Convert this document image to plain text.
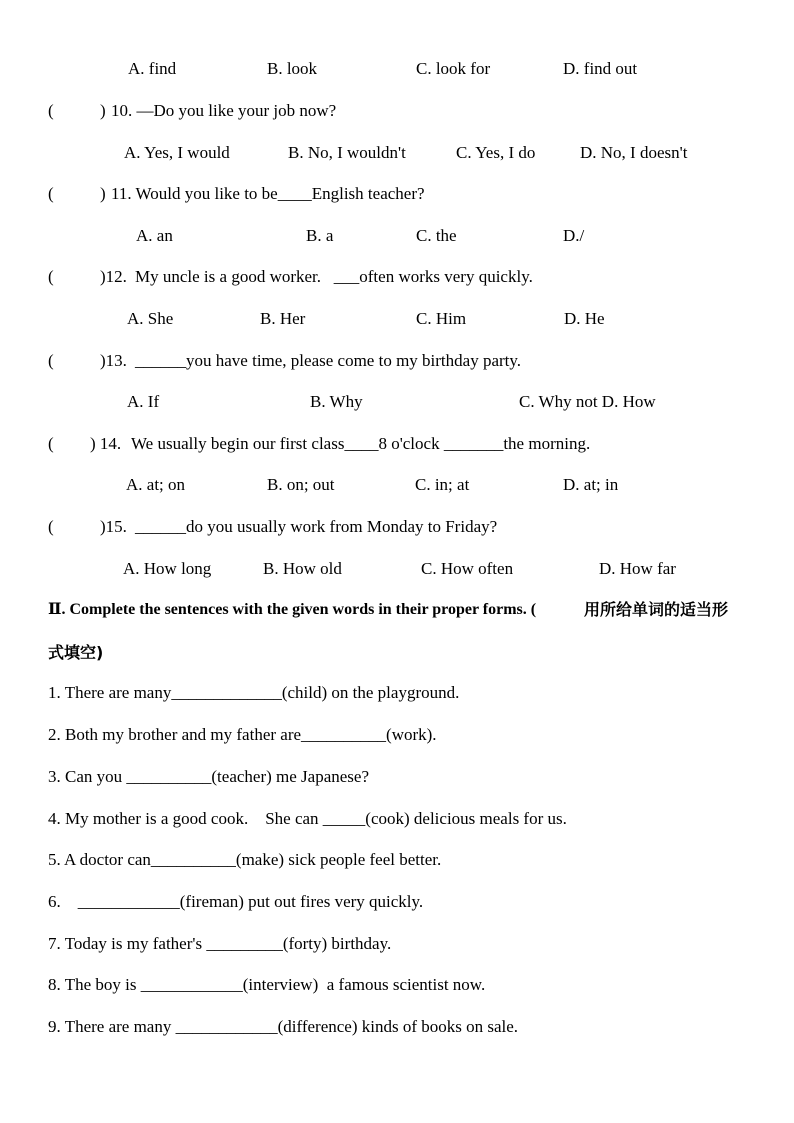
A. find	B. look	C. look for	D. find out
(	) 10. —Do you like your job now?
A. Yes, I would	B. No, I wouldn't	C. Yes, I do	D. No, I doesn't
(	) 11. Would you like to be____English teacher?
A. an	B. a	C. the	D./
(	)12. My uncle is a good worker.   ___often works very quickly.
A. She	B. Her	C. Him	D. He
(	)13. ______you have time, please come to my birthday party.
A. If	B. Why	C. Why not D. How
( ) 14. We usually begin our first class____8 o'clock _______the morning.
A. at; on	B. on; out	C. in; at	D. at; in
(	)15. ______do you usually work from Monday to Friday?
A. How long	B. How old	C. How often	D. How far
Ⅱ. Complete the sentences with the given words in their proper forms. (	用所给单词的适当形
式填空)
1. There are many_____________(child) on the playground.
2. Both my brother and my father are__________(work).
3. Can you __________(teacher) me Japanese?
4. My mother is a good cook.    She can _____(cook) delicious meals for us.
5. A doctor can__________(make) sick people feel better.
6.    ____________(fireman) put out fires very quickly.
7. Today is my father's _________(forty) birthday.
8. The boy is ____________(interview)  a famous scientist now.
9. There are many ____________(difference) kinds of books on sale.
